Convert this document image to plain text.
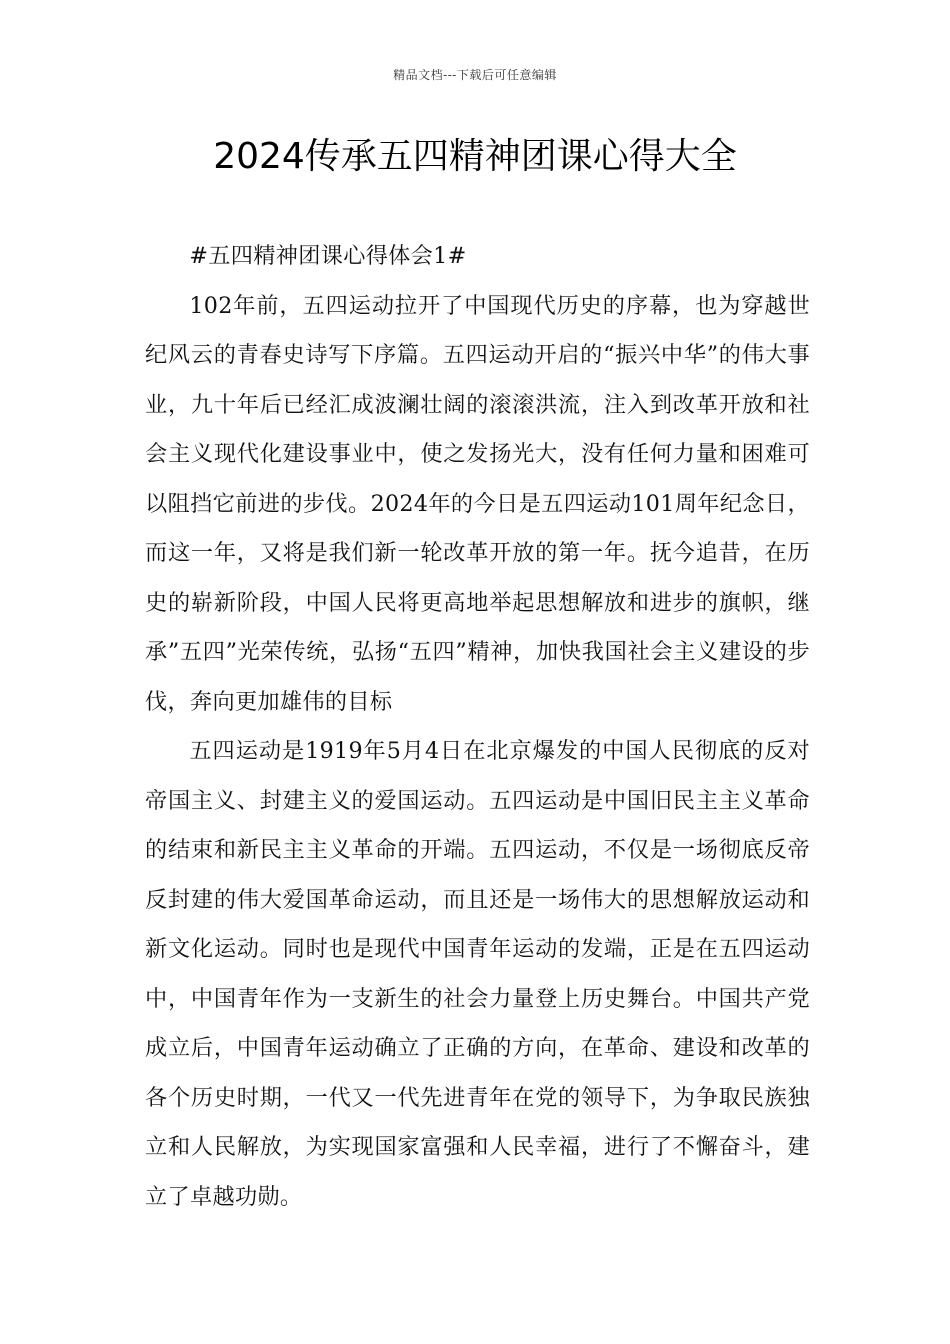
精品文档---下载后可任意编辑
2024传承五四精神团课心得大全

#五四精神团课心得体会1#

102年前，五四运动拉开了中国现代历史的序幕，也为穿越世纪风云的青春史诗写下序篇。五四运动开启的“振兴中华”的伟大事业，九十年后已经汇成波澜壮阔的滚滚洪流，注入到改革开放和社会主义现代化建设事业中，使之发扬光大，没有任何力量和困难可以阻挡它前进的步伐。2024年的今日是五四运动101周年纪念日，而这一年，又将是我们新一轮改革开放的第一年。抚今追昔，在历史的崭新阶段，中国人民将更高地举起思想解放和进步的旗帜，继承”五四”光荣传统，弘扬“五四”精神，加快我国社会主义建设的步伐，奔向更加雄伟的目标

五四运动是1919年5月4日在北京爆发的中国人民彻底的反对帝国主义、封建主义的爱国运动。五四运动是中国旧民主主义革命的结束和新民主主义革命的开端。五四运动，不仅是一场彻底反帝反封建的伟大爱国革命运动，而且还是一场伟大的思想解放运动和新文化运动。同时也是现代中国青年运动的发端，正是在五四运动中，中国青年作为一支新生的社会力量登上历史舞台。中国共产党成立后，中国青年运动确立了正确的方向，在革命、建设和改革的各个历史时期，一代又一代先进青年在党的领导下，为争取民族独立和人民解放，为实现国家富强和人民幸福，进行了不懈奋斗，建立了卓越功勋。
